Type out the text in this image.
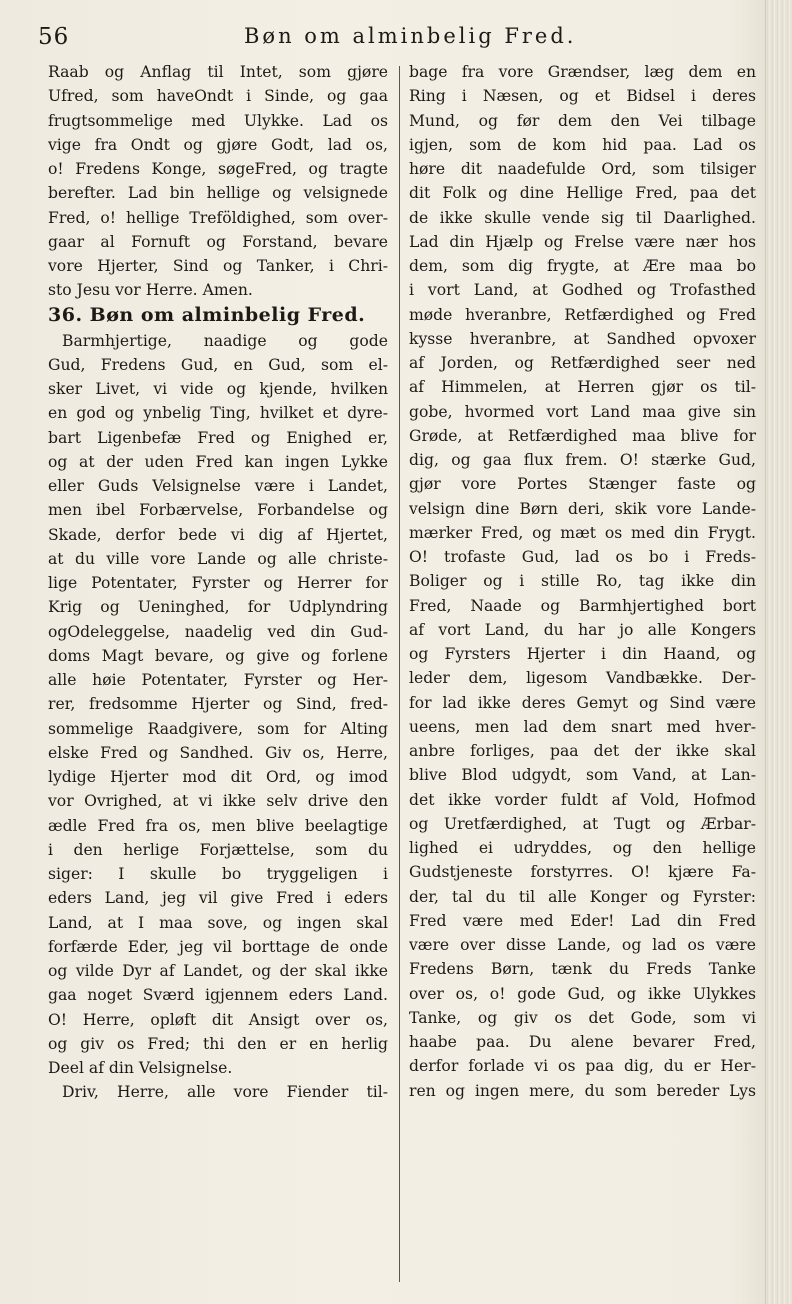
56	Bøn om alminbelig Fred.

Raab og Anflag til Intet, som gjøre
Ufred, som haveOndt i Sinde, og gaa
frugtsommelige med Ulykke. Lad os
vige fra Ondt og gjøre Godt, lad os,
o! Fredens Konge, søgeFred, og tragte
berefter. Lad bin hellige og velsignede
Fred, o! hellige Treföldighed, som over-
gaar al Fornuft og Forstand, bevare
vore Hjerter, Sind og Tanker, i Chri-
sto Jesu vor Herre. Amen.

36. Bøn om alminbelig Fred.

Barmhjertige, naadige og gode
Gud, Fredens Gud, en Gud, som el-
sker Livet, vi vide og kjende, hvilken
en god og ynbelig Ting, hvilket et dyre-
bart Ligenbefæ Fred og Enighed er,
og at der uden Fred kan ingen Lykke
eller Guds Velsignelse være i Landet,
men ibel Forbærvelse, Forbandelse og
Skade, derfor bede vi dig af Hjertet,
at du ville vore Lande og alle christe-
lige Potentater, Fyrster og Herrer for
Krig og Ueninghed, for Udplyndring
ogOdeleggelse, naadelig ved din Gud-
doms Magt bevare, og give og forlene
alle høie Potentater, Fyrster og Her-
rer, fredsomme Hjerter og Sind, fred-
sommelige Raadgivere, som for Alting
elske Fred og Sandhed. Giv os, Herre,
lydige Hjerter mod dit Ord, og imod
vor Ovrighed, at vi ikke selv drive den
ædle Fred fra os, men blive beelagtige
i den herlige Forjættelse, som du
siger: I skulle bo tryggeligen i
eders Land, jeg vil give Fred i eders
Land, at I maa sove, og ingen skal
forfærde Eder, jeg vil borttage de onde
og vilde Dyr af Landet, og der skal ikke
gaa noget Sværd igjennem eders Land.
O! Herre, opløft dit Ansigt over os,
og giv os Fred; thi den er en herlig
Deel af din Velsignelse.

Driv, Herre, alle vore Fiender til-

bage fra vore Grændser, læg dem en
Ring i Næsen, og et Bidsel i deres
Mund, og før dem den Vei tilbage
igjen, som de kom hid paa. Lad os
høre dit naadefulde Ord, som tilsiger
dit Folk og dine Hellige Fred, paa det
de ikke skulle vende sig til Daarlighed.
Lad din Hjælp og Frelse være nær hos
dem, som dig frygte, at Ære maa bo
i vort Land, at Godhed og Trofasthed
møde hveranbre, Retfærdighed og Fred
kysse hveranbre, at Sandhed opvoxer
af Jorden, og Retfærdighed seer ned
af Himmelen, at Herren gjør os til-
gobe, hvormed vort Land maa give sin
Grøde, at Retfærdighed maa blive for
dig, og gaa flux frem. O! stærke Gud,
gjør vore Portes Stænger faste og
velsign dine Børn deri, skik vore Lande-
mærker Fred, og mæt os med din Frygt.
O! trofaste Gud, lad os bo i Freds-
Boliger og i stille Ro, tag ikke din
Fred, Naade og Barmhjertighed bort
af vort Land, du har jo alle Kongers
og Fyrsters Hjerter i din Haand, og
leder dem, ligesom Vandbække. Der-
for lad ikke deres Gemyt og Sind være
ueens, men lad dem snart med hver-
anbre forliges, paa det der ikke skal
blive Blod udgydt, som Vand, at Lan-
det ikke vorder fuldt af Vold, Hofmod
og Uretfærdighed, at Tugt og Ærbar-
lighed ei udryddes, og den hellige
Gudstjeneste forstyrres. O! kjære Fa-
der, tal du til alle Konger og Fyrster:
Fred være med Eder! Lad din Fred
være over disse Lande, og lad os være
Fredens Børn, tænk du Freds Tanke
over os, o! gode Gud, og ikke Ulykkes
Tanke, og giv os det Gode, som vi
haabe paa. Du alene bevarer Fred,
derfor forlade vi os paa dig, du er Her-
ren og ingen mere, du som bereder Lys
